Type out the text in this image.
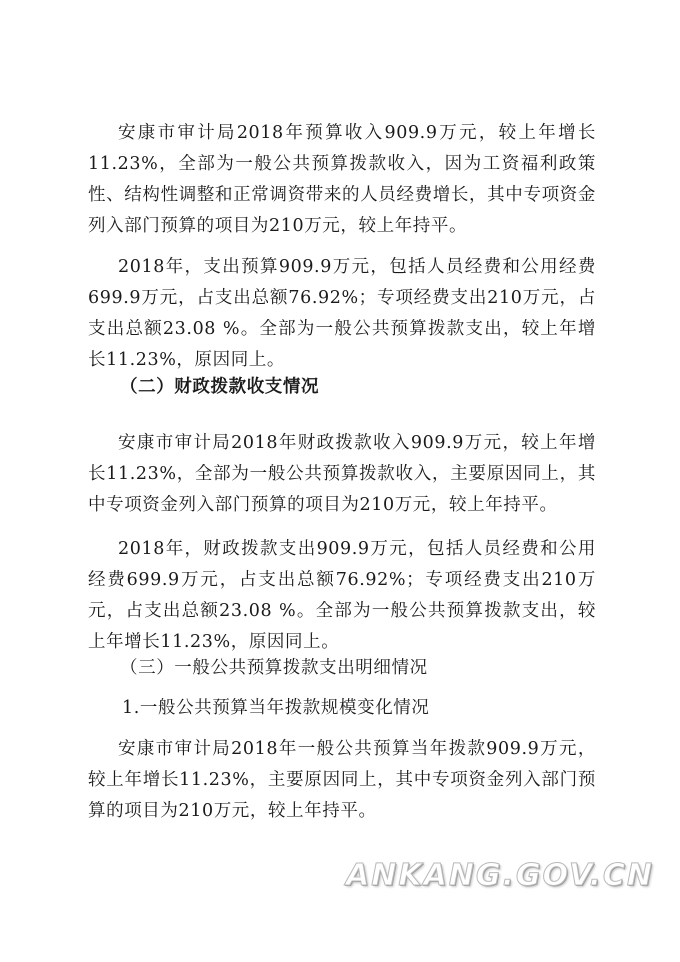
安康市审计局2018年预算收入909.9万元，较上年增长
11.23%，全部为一般公共预算拨款收入，因为工资福利政策
性、结构性调整和正常调资带来的人员经费增长，其中专项资金
列入部门预算的项目为210万元，较上年持平。

2018年，支出预算909.9万元，包括人员经费和公用经费
699.9万元，占支出总额76.92%；专项经费支出210万元，占
支出总额23.08 %。全部为一般公共预算拨款支出，较上年增
长11.23%，原因同上。

（二）财政拨款收支情况

安康市审计局2018年财政拨款收入909.9万元，较上年增
长11.23%，全部为一般公共预算拨款收入，主要原因同上，其
中专项资金列入部门预算的项目为210万元，较上年持平。

2018年，财政拨款支出909.9万元，包括人员经费和公用
经费699.9万元，占支出总额76.92%；专项经费支出210万
元，占支出总额23.08 %。全部为一般公共预算拨款支出，较
上年增长11.23%，原因同上。

（三）一般公共预算拨款支出明细情况
1.一般公共预算当年拨款规模变化情况

安康市审计局2018年一般公共预算当年拨款909.9万元，
较上年增长11.23%，主要原因同上，其中专项资金列入部门预
算的项目为210万元，较上年持平。

ANKANG.GOV.CN
